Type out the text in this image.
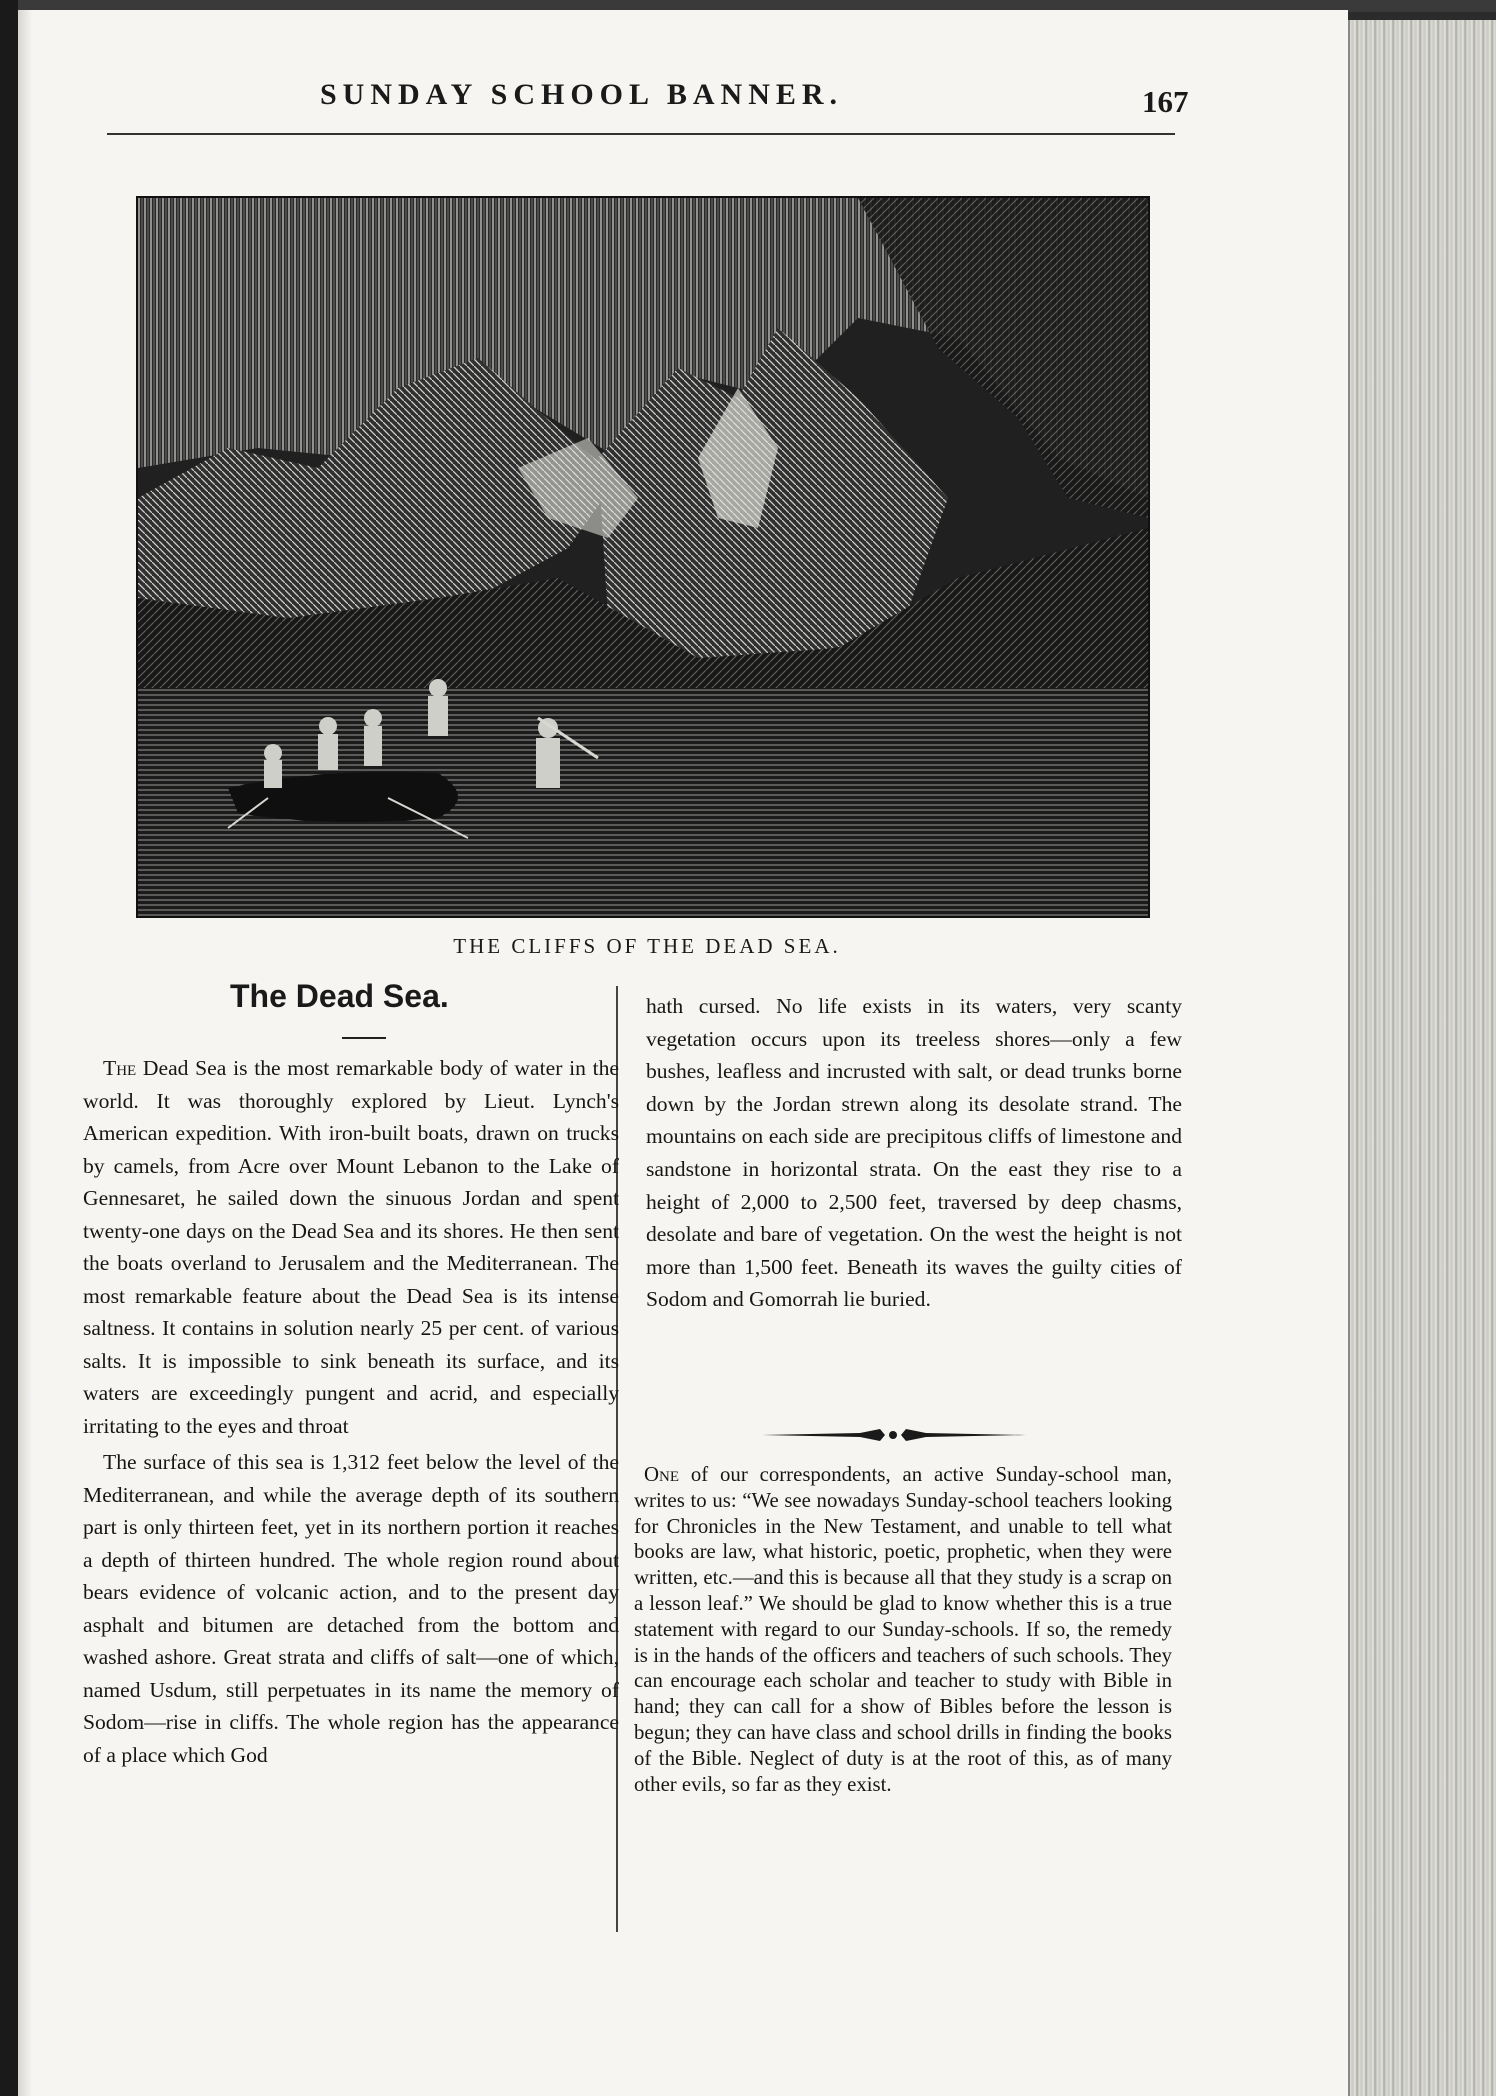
SUNDAY SCHOOL BANNER.	167
THE CLIFFS OF THE DEAD SEA.
The Dead Sea.

The Dead Sea is the most remarkable body of water in the world. It was thoroughly explored by Lieut. Lynch's American expedition. With iron-built boats, drawn on trucks by camels, from Acre over Mount Lebanon to the Lake of Gennesaret, he sailed down the sinuous Jordan and spent twenty-one days on the Dead Sea and its shores. He then sent the boats overland to Jerusalem and the Mediterranean. The most remarkable feature about the Dead Sea is its intense saltness. It contains in solution nearly 25 per cent. of various salts. It is impossible to sink beneath its surface, and its waters are exceedingly pungent and acrid, and especially irritating to the eyes and throat

The surface of this sea is 1,312 feet below the level of the Mediterranean, and while the average depth of its southern part is only thirteen feet, yet in its northern portion it reaches a depth of thirteen hundred. The whole region round about bears evidence of volcanic action, and to the present day asphalt and bitumen are detached from the bottom and washed ashore. Great strata and cliffs of salt—one of which, named Usdum, still perpetuates in its name the memory of Sodom—rise in cliffs. The whole region has the appearance of a place which God

hath cursed. No life exists in its waters, very scanty vegetation occurs upon its treeless shores—only a few bushes, leafless and incrusted with salt, or dead trunks borne down by the Jordan strewn along its desolate strand. The mountains on each side are precipitous cliffs of limestone and sandstone in horizontal strata. On the east they rise to a height of 2,000 to 2,500 feet, traversed by deep chasms, desolate and bare of vegetation. On the west the height is not more than 1,500 feet. Beneath its waves the guilty cities of Sodom and Gomorrah lie buried.

One of our correspondents, an active Sunday-school man, writes to us: “We see nowadays Sunday-school teachers looking for Chronicles in the New Testament, and unable to tell what books are law, what historic, poetic, prophetic, when they were written, etc.—and this is because all that they study is a scrap on a lesson leaf.” We should be glad to know whether this is a true statement with regard to our Sunday-schools. If so, the remedy is in the hands of the officers and teachers of such schools. They can encourage each scholar and teacher to study with Bible in hand; they can call for a show of Bibles before the lesson is begun; they can have class and school drills in finding the books of the Bible. Neglect of duty is at the root of this, as of many other evils, so far as they exist.
